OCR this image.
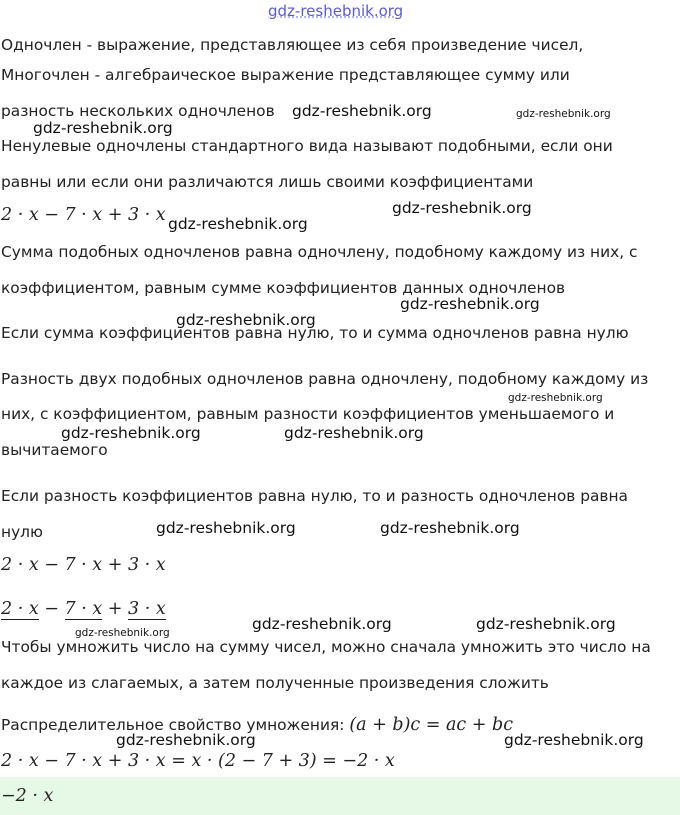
gdz-reshebnik.org
Одночлен - выражение, представляющее из себя произведение чисел,
Многочлен - алгебраическое выражение представляющее сумму или
разность нескольких одночленов
Ненулевые одночлены стандартного вида называют подобными, если они
равны или если они различаются лишь своими коэффициентами
2 · x − 7 · x + 3 · x
Сумма подобных одночленов равна одночлену, подобному каждому из них, с
коэффициентом, равным сумме коэффициентов данных одночленов
Если сумма коэффициентов равна нулю, то и сумма одночленов равна нулю
Разность двух подобных одночленов равна одночлену, подобному каждому из
них, с коэффициентом, равным разности коэффициентов уменьшаемого и
вычитаемого
Если разность коэффициентов равна нулю, то и разность одночленов равна
нулю
2 · x − 7 · x + 3 · x
2 · x − 7 · x + 3 · x
Чтобы умножить число на сумму чисел, можно сначала умножить это число на
каждое из слагаемых, а затем полученные произведения сложить
Распределительное свойство умножения: (a + b)c = ac + bc
2 · x − 7 · x + 3 · x = x · (2 − 7 + 3) = −2 · x
−2 · x
gdz-reshebnik.org	gdz-reshebnik.org
gdz-reshebnik.org
gdz-reshebnik.org
gdz-reshebnik.org
gdz-reshebnik.org
gdz-reshebnik.org
gdz-reshebnik.org
gdz-reshebnik.org	gdz-reshebnik.org
gdz-reshebnik.org	gdz-reshebnik.org
gdz-reshebnik.org	gdz-reshebnik.org
gdz-reshebnik.org
gdz-reshebnik.org	gdz-reshebnik.org
